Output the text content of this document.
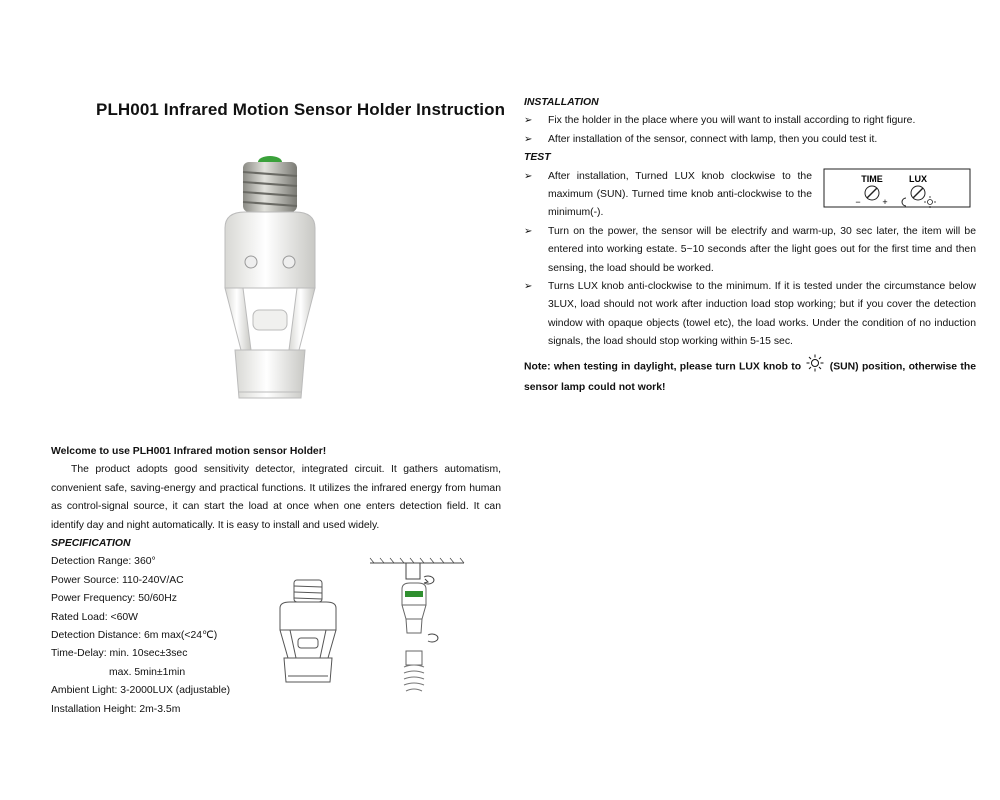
PLH001 Infrared Motion Sensor Holder Instruction INSTALLATION
➢ Fix the holder in the place where you will want to install according to right figure.
➢ After installation of the sensor, connect with lamp, then you could test it.
TEST
➢ After installation, Turned LUX knob clockwise to the maximum (SUN). Turned time knob anti-clockwise to the minimum(-).
➢ Turn on the power, the sensor will be electrify and warm-up, 30 sec later, the item will be entered into working estate. 5~10 seconds after the light goes out for the first time and then sensing, the load should be worked.
➢ Turns LUX knob anti-clockwise to the minimum. If it is tested under the circumstance below 3LUX, load should not work after induction load stop working; but if you cover the detection window with opaque objects (towel etc), the load works. Under the condition of no induction signals, the load should stop working within 5-15 sec.
Note: when testing in daylight, please turn LUX knob to	(SUN) position, otherwise the sensor lamp could not work!
TIME	LUX
− +
Welcome to use PLH001 Infrared motion sensor Holder!
The product adopts good sensitivity detector, integrated circuit. It gathers automatism, convenient safe, saving-energy and practical functions. It utilizes the infrared energy from human as control-signal source, it can start the load at once when one enters detection field. It can identify day and night automatically. It is easy to install and used widely.
SPECIFICATION
Detection Range: 360°
Power Source: 110-240V/AC
Power Frequency: 50/60Hz
Rated Load: <60W
Detection Distance: 6m max(<24℃)
Time-Delay: min. 10sec±3sec
max. 5min±1min
Ambient Light: 3-2000LUX (adjustable)
Installation Height: 2m-3.5m
